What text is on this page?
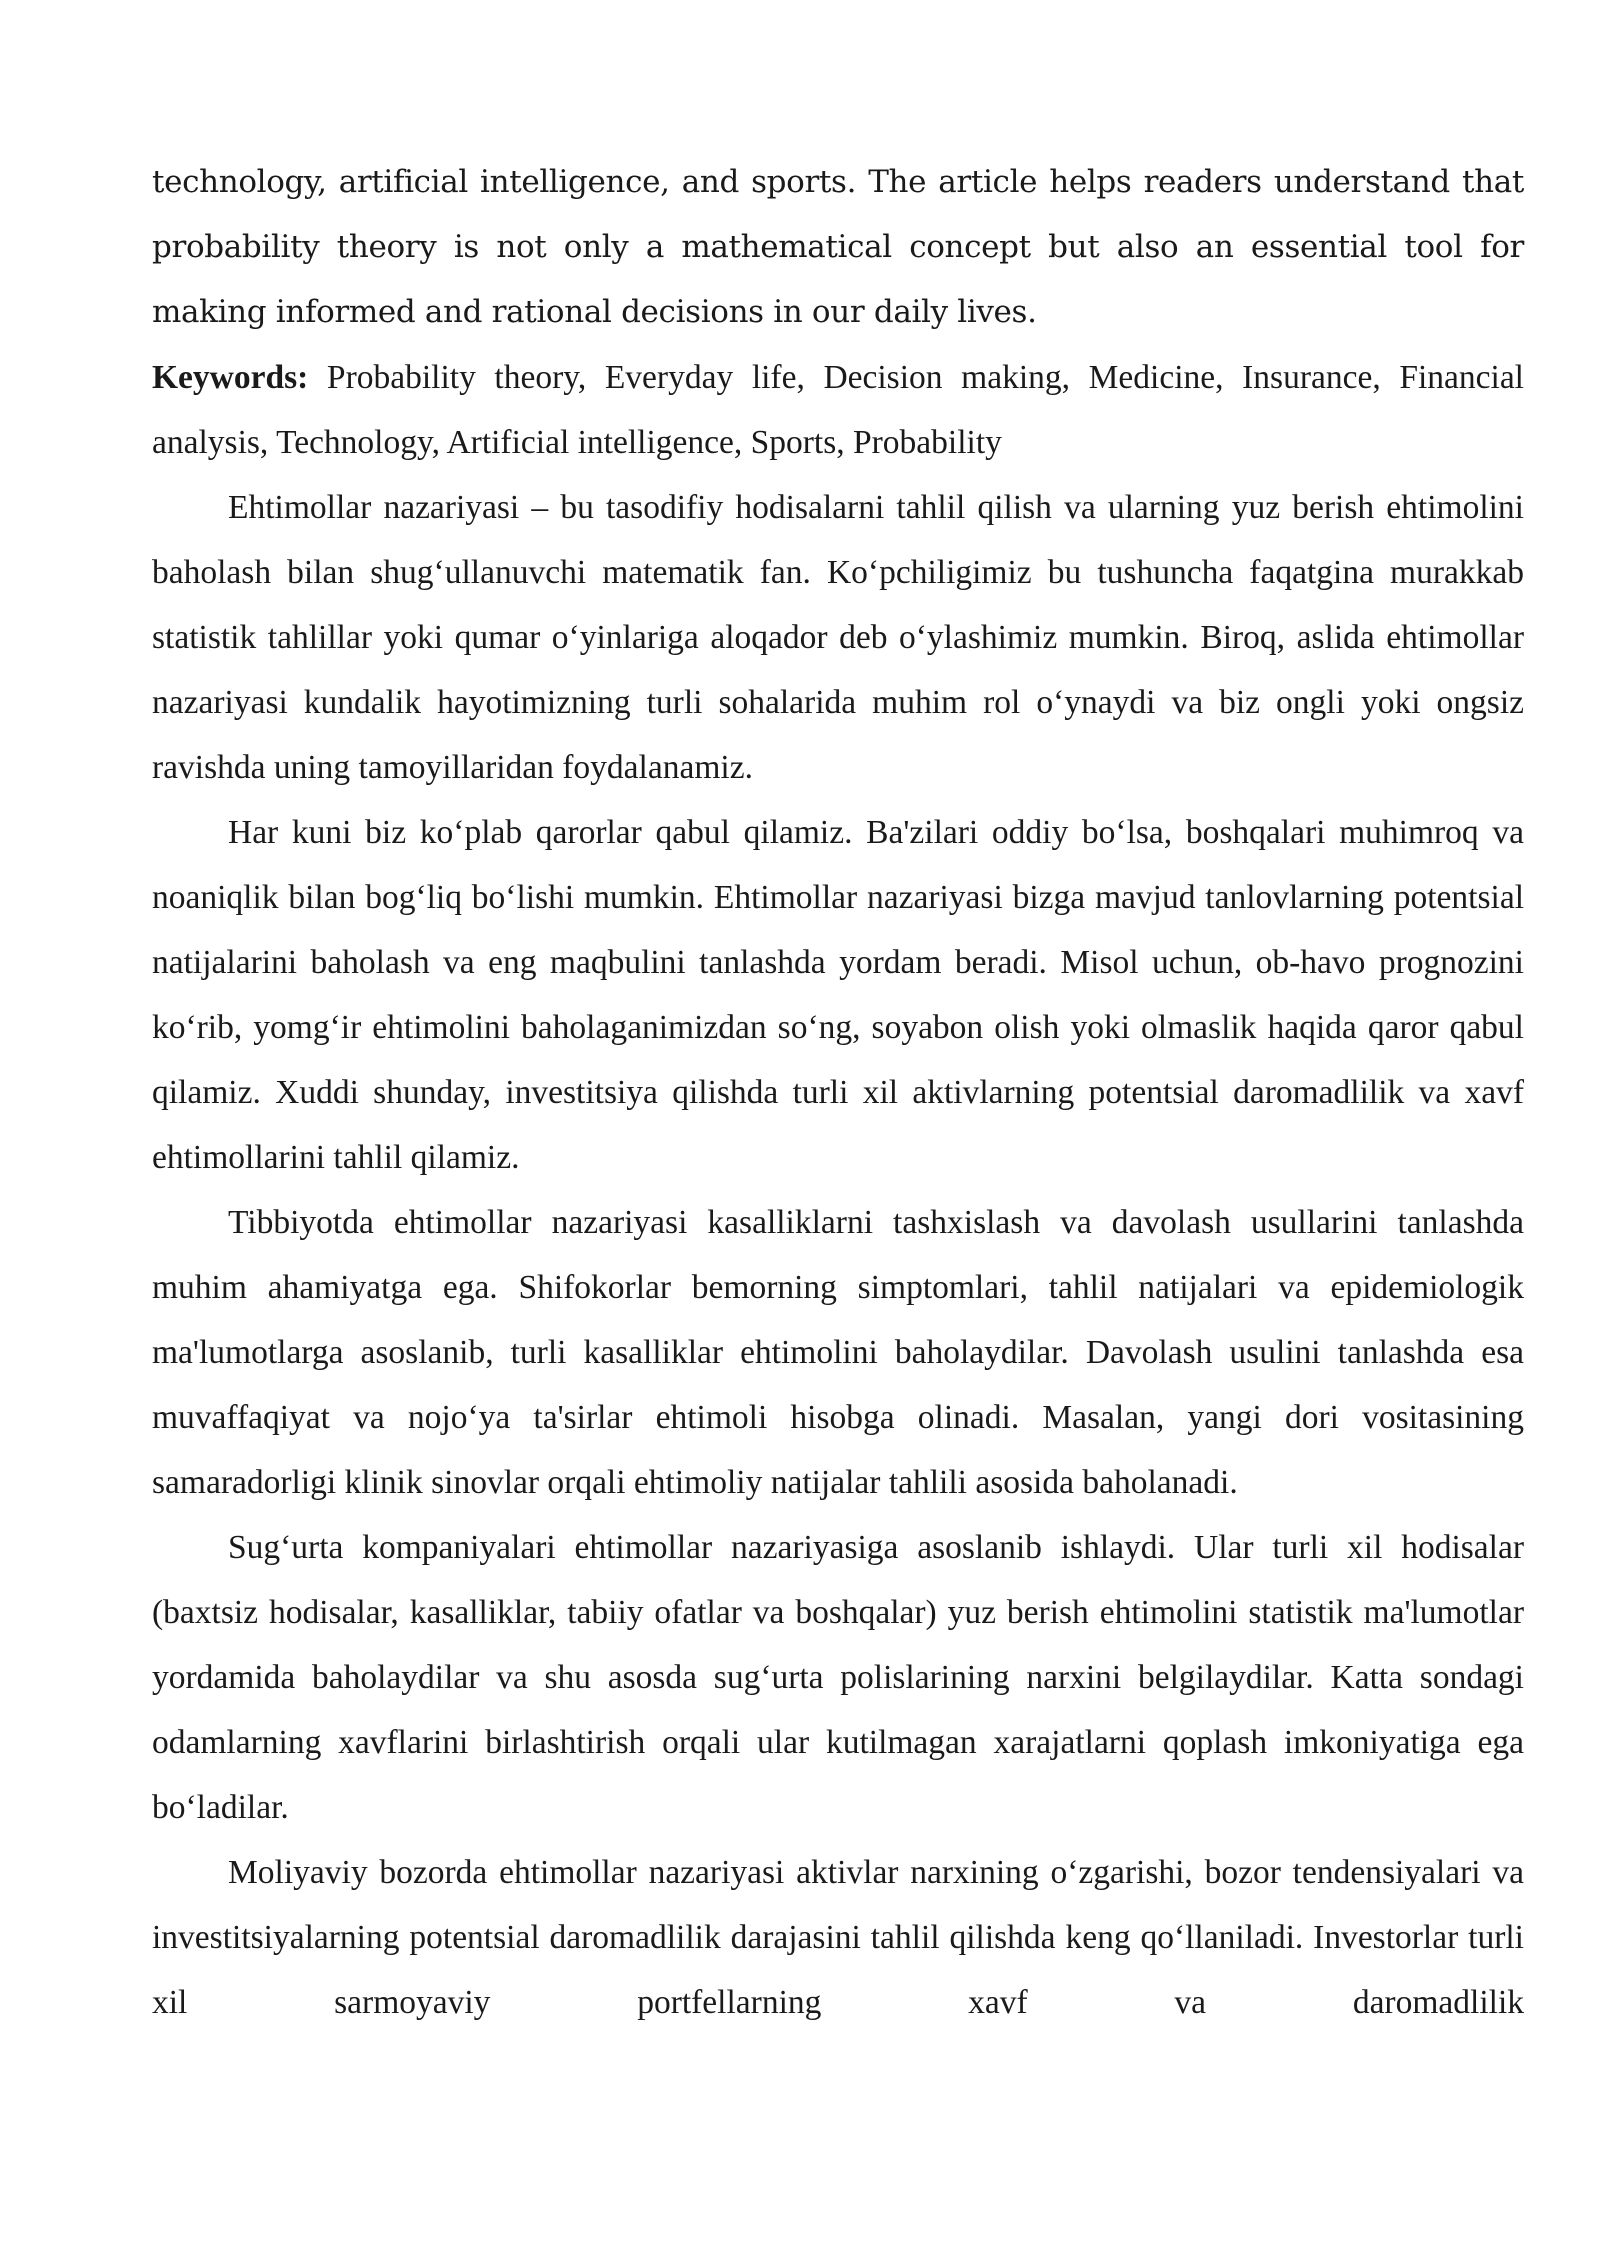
technology, artificial intelligence, and sports. The article helps readers understand that probability theory is not only a mathematical concept but also an essential tool for making informed and rational decisions in our daily lives.

Keywords: Probability theory, Everyday life, Decision making, Medicine, Insurance, Financial analysis, Technology, Artificial intelligence, Sports, Probability

Ehtimollar nazariyasi – bu tasodifiy hodisalarni tahlil qilish va ularning yuz berish ehtimolini baholash bilan shug‘ullanuvchi matematik fan. Ko‘pchiligimiz bu tushuncha faqatgina murakkab statistik tahlillar yoki qumar o‘yinlariga aloqador deb o‘ylashimiz mumkin. Biroq, aslida ehtimollar nazariyasi kundalik hayotimizning turli sohalarida muhim rol o‘ynaydi va biz ongli yoki ongsiz ravishda uning tamoyillaridan foydalanamiz.

Har kuni biz ko‘plab qarorlar qabul qilamiz. Ba'zilari oddiy bo‘lsa, boshqalari muhimroq va noaniqlik bilan bog‘liq bo‘lishi mumkin. Ehtimollar nazariyasi bizga mavjud tanlovlarning potentsial natijalarini baholash va eng maqbulini tanlashda yordam beradi. Misol uchun, ob-havo prognozini ko‘rib, yomg‘ir ehtimolini baholaganimizdan so‘ng, soyabon olish yoki olmaslik haqida qaror qabul qilamiz. Xuddi shunday, investitsiya qilishda turli xil aktivlarning potentsial daromadlilik va xavf ehtimollarini tahlil qilamiz.

Tibbiyotda ehtimollar nazariyasi kasalliklarni tashxislash va davolash usullarini tanlashda muhim ahamiyatga ega. Shifokorlar bemorning simptomlari, tahlil natijalari va epidemiologik ma'lumotlarga asoslanib, turli kasalliklar ehtimolini baholaydilar. Davolash usulini tanlashda esa muvaffaqiyat va nojo‘ya ta'sirlar ehtimoli hisobga olinadi. Masalan, yangi dori vositasining samaradorligi klinik sinovlar orqali ehtimoliy natijalar tahlili asosida baholanadi.

Sug‘urta kompaniyalari ehtimollar nazariyasiga asoslanib ishlaydi. Ular turli xil hodisalar (baxtsiz hodisalar, kasalliklar, tabiiy ofatlar va boshqalar) yuz berish ehtimolini statistik ma'lumotlar yordamida baholaydilar va shu asosda sug‘urta polislarining narxini belgilaydilar. Katta sondagi odamlarning xavflarini birlashtirish orqali ular kutilmagan xarajatlarni qoplash imkoniyatiga ega bo‘ladilar.

Moliyaviy bozorda ehtimollar nazariyasi aktivlar narxining o‘zgarishi, bozor tendensiyalari va investitsiyalarning potentsial daromadlilik darajasini tahlil qilishda keng qo‘llaniladi. Investorlar turli xil sarmoyaviy portfellarning xavf va daromadlilik
